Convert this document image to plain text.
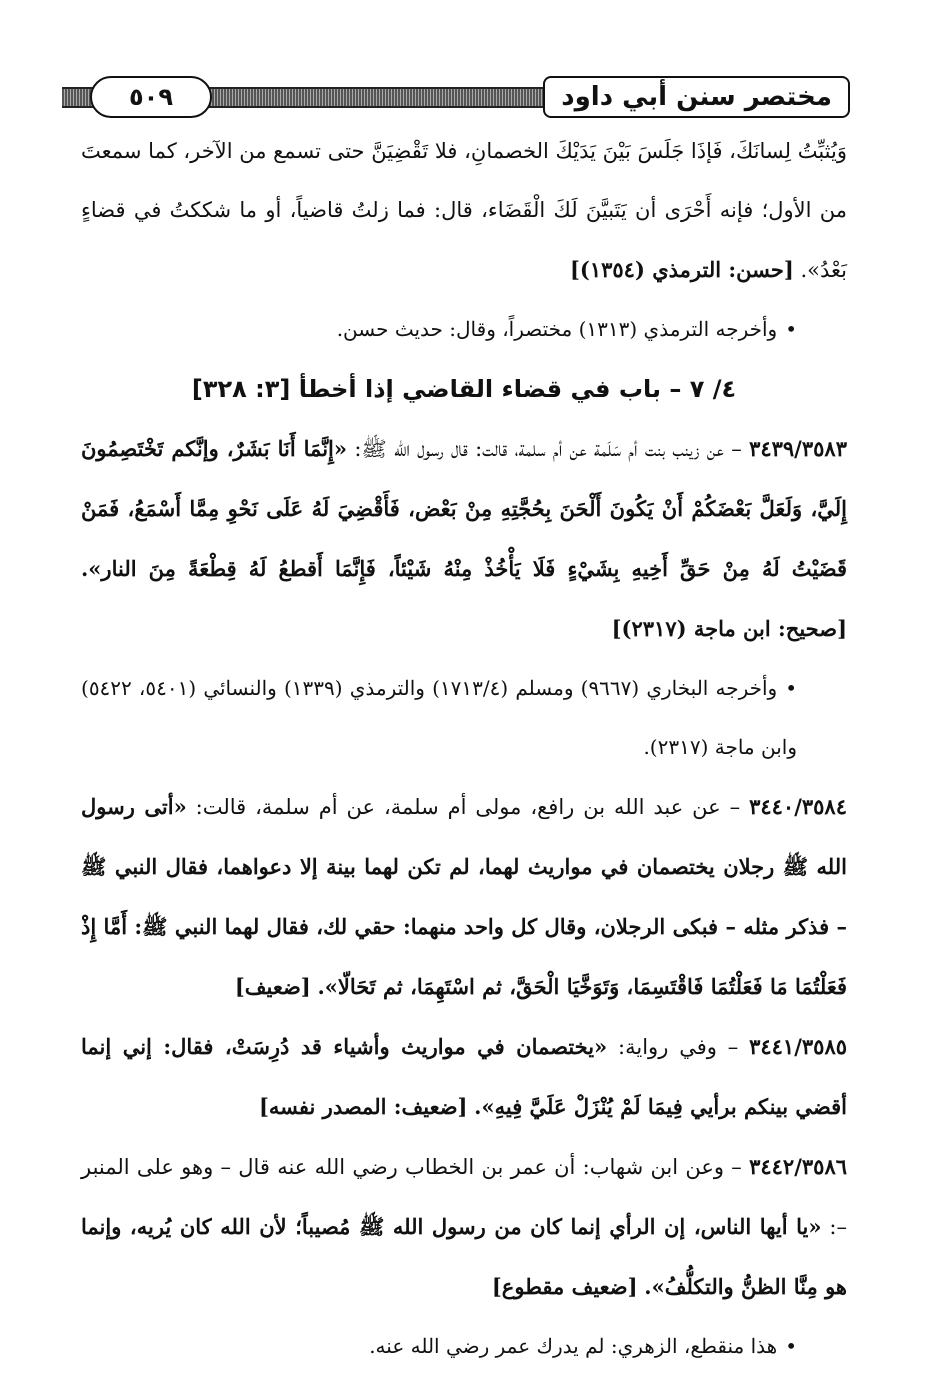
مختصر سنن أبي داود
٥٠٩

وَيُثبِّتُ لِسانَكَ، فَإذَا جَلَسَ بَيْنَ يَدَيْكَ الخصمانِ، فلا تَقْضِيَنَّ حتى تسمع من الآخر، كما سمعتَ من الأول؛ فإنه أَحْرَى أن يَتَبيَّنَ لَكَ الْقَضَاء، قال: فما زلتُ قاضياً، أو ما شككتُ في قضاءٍ بَعْدُ». [حسن: الترمذي (١٣٥٤)]

•وأخرجه الترمذي (١٣١٣) مختصراً، وقال: حديث حسن.

٤/ ٧ – باب في قضاء القاضي إذا أخطأ [٣: ٣٢٨]

٣٤٣٩/٣٥٨٣ – عن زينب بنت أم سَلَمة عن أم سلمة، قالت: قال رسول الله ﷺ: «إِنَّمَا أَنَا بَشَرٌ، وإنَّكم تَخْتَصِمُونَ إِلَيَّ، وَلَعَلَّ بَعْضَكُمْ أَنْ يَكُونَ أَلْحَنَ بِحُجَّتِهِ مِنْ بَعْض، فَأَقْضِيَ لَهُ عَلَى نَحْوِ مِمَّا أَسْمَعُ، فَمَنْ قَضَيْتُ لَهُ مِنْ حَقِّ أَخِيهِ بِشَيْءٍ فَلَا يَأْخُذْ مِنْهُ شَيْئاً، فَإِنَّمَا أَقطعُ لَهُ قِطْعَةً مِنَ النار». [صحيح: ابن ماجة (٢٣١٧)]

•وأخرجه البخاري (٩٦٦٧) ومسلم (١٧١٣/٤) والترمذي (١٣٣٩) والنسائي (٥٤٠١، ٥٤٢٢) وابن ماجة (٢٣١٧).

٣٤٤٠/٣٥٨٤ – عن عبد الله بن رافع، مولى أم سلمة، عن أم سلمة، قالت: «أتى رسول الله ﷺ رجلان يختصمان في مواريث لهما، لم تكن لهما بينة إلا دعواهما، فقال النبي ﷺ – فذكر مثله – فبكى الرجلان، وقال كل واحد منهما: حقي لك، فقال لهما النبي ﷺ: أَمَّا إِذْ فَعَلْتُمَا مَا فَعَلْتُمَا فَاقْتَسِمَا، وَتَوَخَّيَا الْحَقَّ، ثم اسْتَهِمَا، ثم تَحَالّا». [ضعيف]

٣٤٤١/٣٥٨٥ – وفي رواية: «يختصمان في مواريث وأشياء قد دُرِسَتْ، فقال: إني إنما أقضي بينكم برأيي فِيمَا لَمْ يُنْزَلْ عَلَيَّ فِيهِ». [ضعيف: المصدر نفسه]

٣٤٤٢/٣٥٨٦ – وعن ابن شهاب: أن عمر بن الخطاب رضي الله عنه قال – وهو على المنبر –: «يا أيها الناس، إن الرأي إنما كان من رسول الله ﷺ مُصيباً؛ لأن الله كان يُريه، وإنما هو مِنَّا الظنُّ والتكلُّفُ». [ضعيف مقطوع]

•هذا منقطع، الزهري: لم يدرك عمر رضي الله عنه.
